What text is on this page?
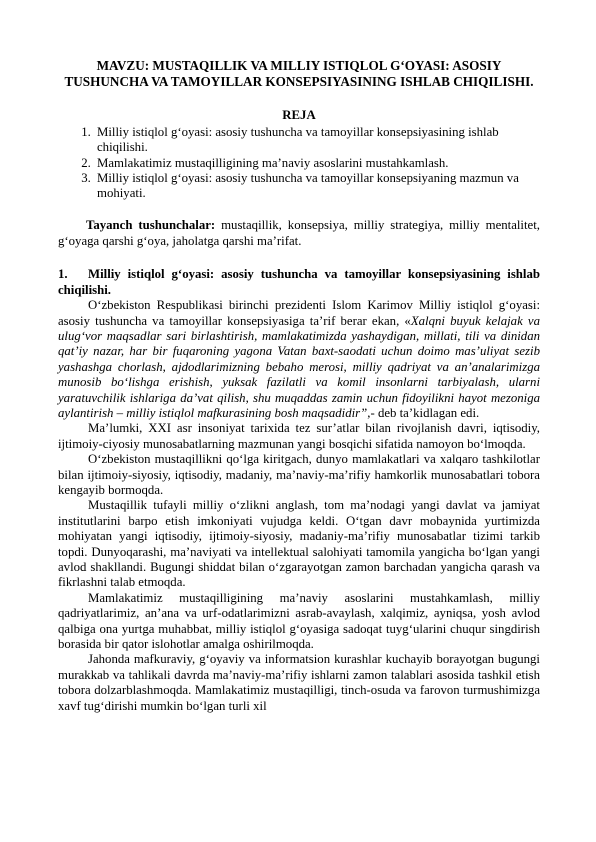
MAVZU: MUSTAQILLIK VA MILLIY ISTIQLOL G‘OYASI: ASOSIY TUSHUNCHA VA TAMOYILLAR KONSEPSIYASINING ISHLAB CHIQILISHI.
REJA
1. Milliy istiqlol g‘oyasi: asosiy tushuncha va tamoyillar konsepsiyasining ishlab chiqilishi.
2. Mamlakatimiz mustaqilligining ma’naviy asoslarini mustahkamlash.
3. Milliy istiqlol g‘oyasi: asosiy tushuncha va tamoyillar konsepsiyaning mazmun va mohiyati.

Tayanch tushunchalar: mustaqillik, konsepsiya, milliy strategiya, milliy mentalitet, g‘oyaga qarshi g‘oya, jaholatga qarshi ma’rifat.

1. Milliy istiqlol g‘oyasi: asosiy tushuncha va tamoyillar konsepsiyasining ishlab chiqilishi.

O‘zbekiston Respublikasi birinchi prezidenti Islom Karimov Milliy istiqlol g‘oyasi: asosiy tushuncha va tamoyillar konsepsiyasiga ta’rif berar ekan, «Xalqni buyuk kelajak va ulug‘vor maqsadlar sari birlashtirish, mamlakatimizda yashaydigan, millati, tili va dinidan qat’iy nazar, har bir fuqaroning yagona Vatan baxt-saodati uchun doimo mas’uliyat sezib yashashga chorlash, ajdodlarimizning bebaho merosi, milliy qadriyat va an’analarimizga munosib bo‘lishga erishish, yuksak fazilatli va komil insonlarni tarbiyalash, ularni yaratuvchilik ishlariga da’vat qilish, shu muqaddas zamin uchun fidoyilikni hayot mezoniga aylantirish – milliy istiqlol mafkurasining bosh maqsadidir”,- deb ta’kidlagan edi.

Ma’lumki, XXI asr insoniyat tarixida tez sur’atlar bilan rivojlanish davri, iqtisodiy, ijtimoiy-ciyosiy munosabatlarning mazmunan yangi bosqichi sifatida namoyon bo‘lmoqda.

O‘zbekiston mustaqillikni qo‘lga kiritgach, dunyo mamlakatlari va xalqaro tashkilotlar bilan ijtimoiy-siyosiy, iqtisodiy, madaniy, ma’naviy-ma’rifiy hamkorlik munosabatlari tobora kengayib bormoqda.

Mustaqillik tufayli milliy o‘zlikni anglash, tom ma’nodagi yangi davlat va jamiyat institutlarini barpo etish imkoniyati vujudga keldi. O‘tgan davr mobaynida yurtimizda mohiyatan yangi iqtisodiy, ijtimoiy-siyosiy, madaniy-ma’rifiy munosabatlar tizimi tarkib topdi. Dunyoqarashi, ma’naviyati va intellektual salohiyati tamomila yangicha bo‘lgan yangi avlod shakllandi. Bugungi shiddat bilan o‘zgarayotgan zamon barchadan yangicha qarash va fikrlashni talab etmoqda.

Mamlakatimiz mustaqilligining ma’naviy asoslarini mustahkamlash, milliy qadriyatlarimiz, an’ana va urf-odatlarimizni asrab-avaylash, xalqimiz, ayniqsa, yosh avlod qalbiga ona yurtga muhabbat, milliy istiqlol g‘oyasiga sadoqat tuyg‘ularini chuqur singdirish borasida bir qator islohotlar amalga oshirilmoqda.

Jahonda mafkuraviy, g‘oyaviy va informatsion kurashlar kuchayib borayotgan bugungi murakkab va tahlikali davrda ma’naviy-ma’rifiy ishlarni zamon talablari asosida tashkil etish tobora dolzarblashmoqda. Mamlakatimiz mustaqilligi, tinch-osuda va farovon turmushimizga xavf tug‘dirishi mumkin bo‘lgan turli xil
